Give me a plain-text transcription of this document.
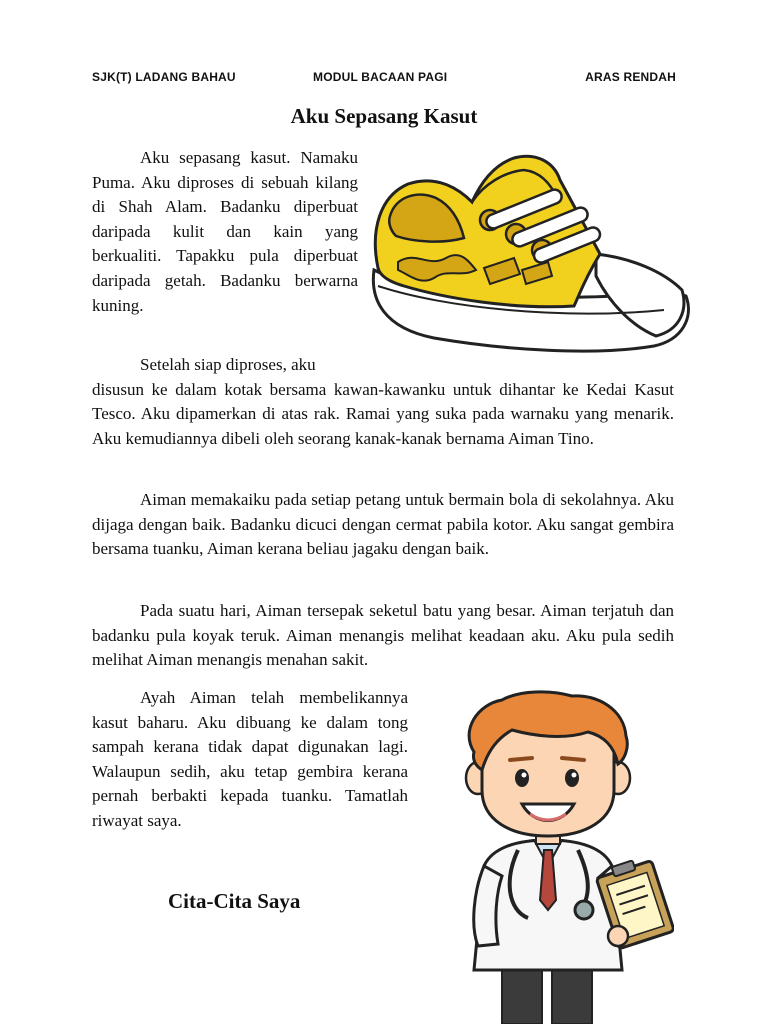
SJK(T) LADANG BAHAU	MODUL BACAAN PAGI	ARAS RENDAH
Aku Sepasang Kasut

Aku sepasang kasut. Namaku Puma. Aku diproses di sebuah kilang di Shah Alam. Badanku diperbuat daripada kulit dan kain yang berkualiti. Tapakku pula diperbuat daripada getah. Badanku berwarna kuning.

Setelah siap diproses, aku

disusun ke dalam kotak bersama kawan-kawanku untuk dihantar ke Kedai Kasut Tesco. Aku dipamerkan di atas rak. Ramai yang suka pada warnaku yang menarik. Aku kemudiannya dibeli oleh seorang kanak-kanak bernama Aiman Tino.

Aiman memakaiku pada setiap petang untuk bermain bola di sekolahnya. Aku dijaga dengan baik. Badanku dicuci dengan cermat pabila kotor. Aku sangat gembira bersama tuanku, Aiman kerana beliau jagaku dengan baik.

Pada suatu hari, Aiman tersepak seketul batu yang besar. Aiman terjatuh dan badanku pula koyak teruk. Aiman menangis melihat keadaan aku. Aku pula sedih melihat Aiman menangis menahan sakit.

Ayah Aiman telah membelikannya kasut baharu. Aku dibuang ke dalam tong sampah kerana tidak dapat digunakan lagi. Walaupun sedih, aku tetap gembira kerana pernah berbakti kepada tuanku. Tamatlah riwayat saya.

Cita-Cita Saya
